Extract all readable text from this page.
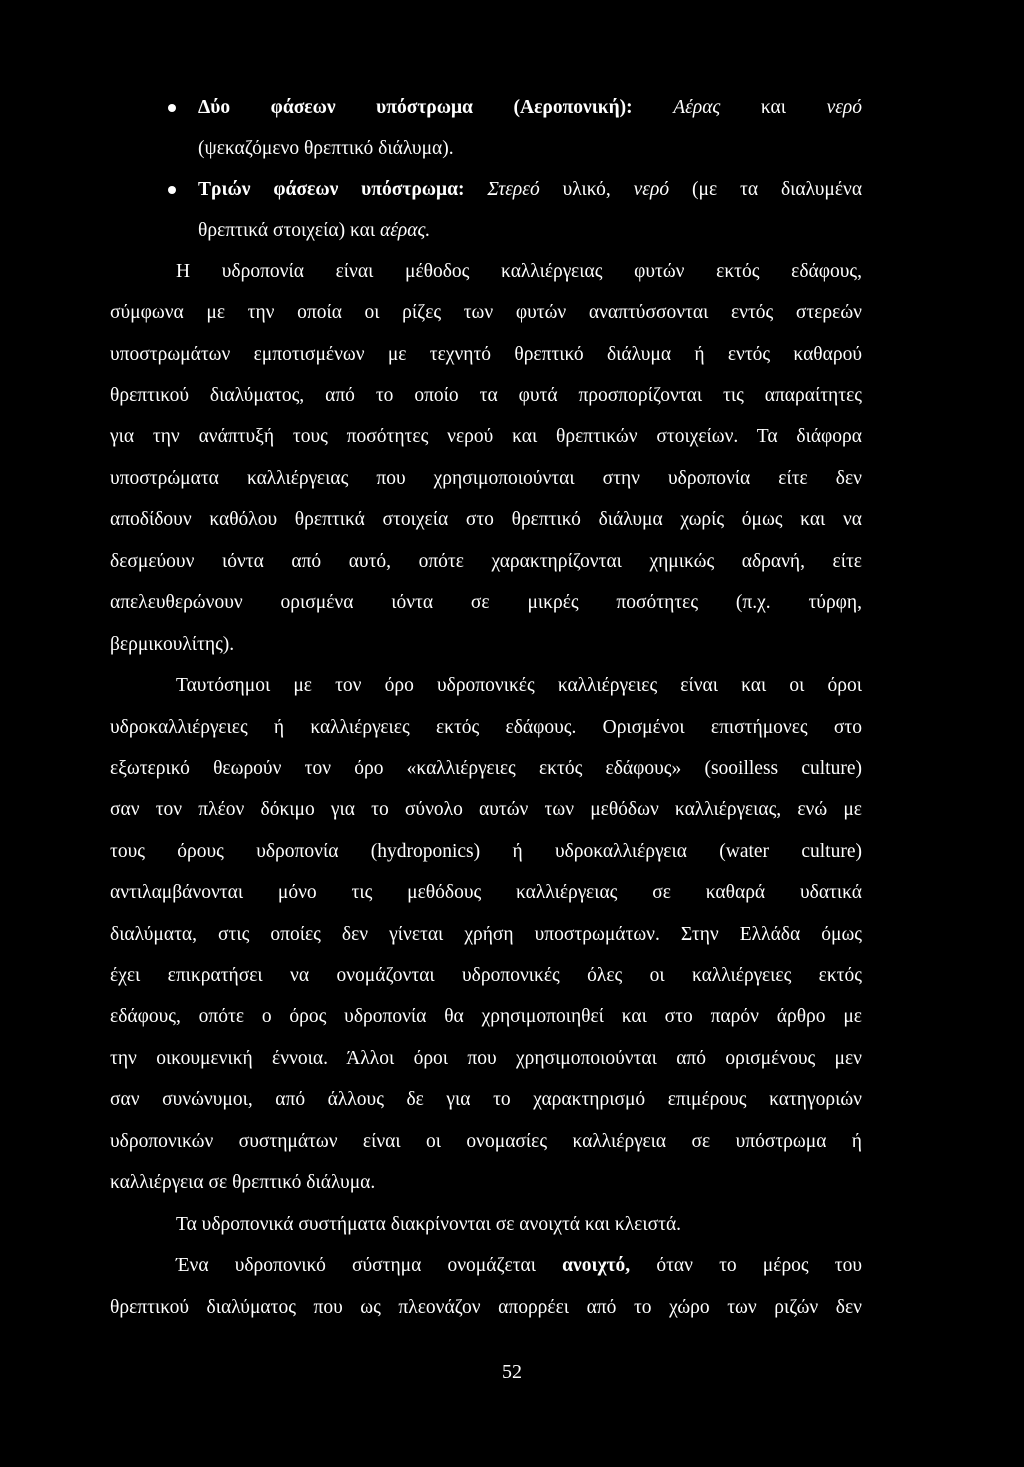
Δύο φάσεων υπόστρωμα (Αεροπονική): Αέρας και νερό
(ψεκαζόμενο θρεπτικό διάλυμα).
Τριών φάσεων υπόστρωμα: Στερεό υλικό, νερό (με τα διαλυμένα
θρεπτικά στοιχεία) και αέρας.
Η υδροπονία είναι μέθοδος καλλιέργειας φυτών εκτός εδάφους,
σύμφωνα με την οποία οι ρίζες των φυτών αναπτύσσονται εντός στερεών
υποστρωμάτων εμποτισμένων με τεχνητό θρεπτικό διάλυμα ή εντός καθαρού
θρεπτικού διαλύματος, από το οποίο τα φυτά προσπορίζονται τις απαραίτητες
για την ανάπτυξή τους ποσότητες νερού και θρεπτικών στοιχείων. Τα διάφορα
υποστρώματα καλλιέργειας που χρησιμοποιούνται στην υδροπονία είτε δεν
αποδίδουν καθόλου θρεπτικά στοιχεία στο θρεπτικό διάλυμα χωρίς όμως και να
δεσμεύουν ιόντα από αυτό, οπότε χαρακτηρίζονται χημικώς αδρανή, είτε
απελευθερώνουν ορισμένα ιόντα σε μικρές ποσότητες (π.χ. τύρφη,
βερμικουλίτης).
Ταυτόσημοι με τον όρο υδροπονικές καλλιέργειες είναι και οι όροι
υδροκαλλιέργειες ή καλλιέργειες εκτός εδάφους. Ορισμένοι επιστήμονες στο
εξωτερικό θεωρούν τον όρο «καλλιέργειες εκτός εδάφους» (sooilless culture)
σαν τον πλέον δόκιμο για το σύνολο αυτών των μεθόδων καλλιέργειας, ενώ με
τους όρους υδροπονία (hydroponics) ή υδροκαλλιέργεια (water culture)
αντιλαμβάνονται μόνο τις μεθόδους καλλιέργειας σε καθαρά υδατικά
διαλύματα, στις οποίες δεν γίνεται χρήση υποστρωμάτων. Στην Ελλάδα όμως
έχει επικρατήσει να ονομάζονται υδροπονικές όλες οι καλλιέργειες εκτός
εδάφους, οπότε ο όρος υδροπονία θα χρησιμοποιηθεί και στο παρόν άρθρο με
την οικουμενική έννοια. Άλλοι όροι που χρησιμοποιούνται από ορισμένους μεν
σαν συνώνυμοι, από άλλους δε για το χαρακτηρισμό επιμέρους κατηγοριών
υδροπονικών συστημάτων είναι οι ονομασίες καλλιέργεια σε υπόστρωμα ή
καλλιέργεια σε θρεπτικό διάλυμα.
Τα υδροπονικά συστήματα διακρίνονται σε ανοιχτά και κλειστά.
Ένα υδροπονικό σύστημα ονομάζεται ανοιχτό, όταν το μέρος του
θρεπτικού διαλύματος που ως πλεονάζον απορρέει από το χώρο των ριζών δεν
52
